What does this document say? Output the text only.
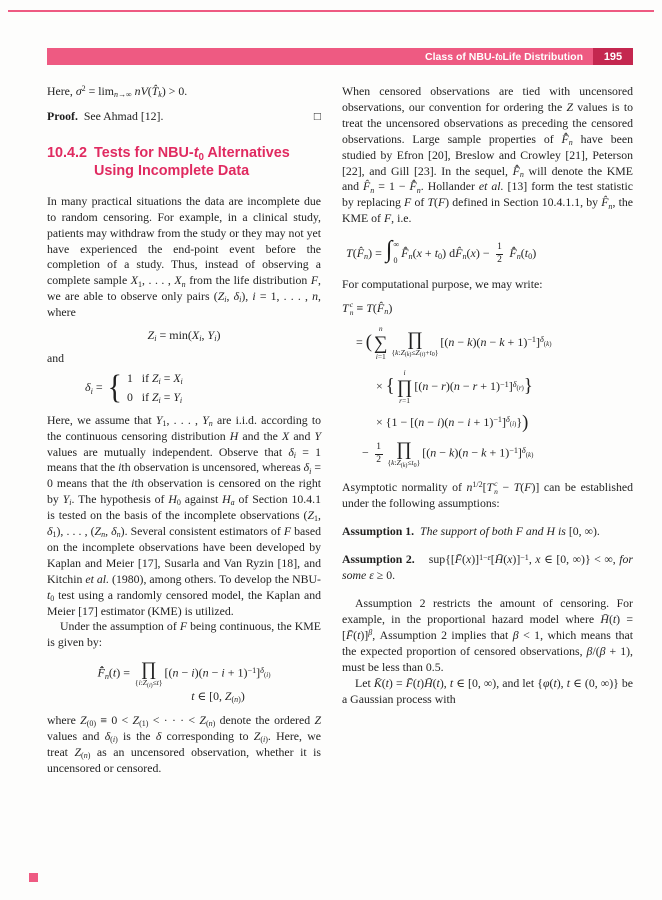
Class of NBU- $t_0$ Life Distribution	195

Here, $\sigma^2 = \lim_{n\to\infty}$ $nV(T̂_k) > 0$.

Proof. See Ahmad [12].	□

10.4.2 Tests for NBU-$t_0$ Alternatives Using Incomplete Data

In many practical situations the data are incomplete due to random censoring. For example, in a clinical study, patients may withdraw from the study or they may not yet have experienced the end-point event before the completion of a study. Thus, instead of observing a complete sample $X_1$, . . . , $X_n$ from the life distribution F, we are able to observe only pairs ($Z_i$, $\delta_i$), i = 1, . . . , n, where

$Z_i = \min(X_i$, $Y_i$)

and

$\delta_i$ = { 1   if $Z_i = X_i$
0   if $Z_i = Y_i$

Here, we assume that $Y_1$, . . . , $Y_n$ are i.i.d. according to the continuous censoring distribution H and the X and Y values are mutually independent. Observe that $\delta_i = 1$ means that the ith observation is uncensored, whereas $\delta_i = 0$ means that the ith observation is censored on the right by $Y_i$. The hypothesis of $H_0$ against $H_a$ of Section 10.4.1 is tested on the basis of the incomplete observations ($Z_1$, $\delta_1$), . . . , ($Z_n$, $\delta_n$). Several consistent estimators of F based on the incomplete observations have been developed by Kaplan and Meier [17], Susarla and Van Ryzin [18], and Kitchin et al. (1980), among others. To develop the NBU-$t_0$ test using a randomly censored model, the Kaplan and Meier [17] estimator (KME) is utilized.

Under the assumption of F being continuous, the KME is given by:

$F̄̂_n(t)$ = ∏
$\{i:Z_{(i)}\le t\}$
$[(n - i)(n - i + 1)^{-1}]^{\delta_{(i)}}$
t ∈ [0, $Z_{(n)}$)

where $Z_{(0)} \equiv 0 < Z_{(1)}$ < · · · < $Z_{(n)}$ denote the ordered Z values and $\delta_{(i)}$ is the δ corresponding to $Z_{(i)}$. Here, we treat $Z_{(n)}$ as an uncensored observation, whether it is uncensored or censored.

When censored observations are tied with uncensored observations, our convention for ordering the Z values is to treat the uncensored observations as preceding the censored observations. Large sample properties of $F̄̂_n$ have been studied by Efron [20], Breslow and Crowley [21], Peterson [22], and Gill [23]. In the sequel, $F̄̂_n$ will denote the KME and $F̂_n = 1$ − $F̄̂_n$. Hollander et al. [13] form the test statistic by replacing F of T(F) defined in Section 10.4.1.1, by $F̂_n$, the KME of F, i.e.

$T(F̂_n)$ = ∫ ∞
0
$F̄̂_n(x + t_0)$ $dF̂_n(x) - \frac{1}{2}$ $F̄̂_n(t_0)$

For computational purpose, we may write:

T c
$n \equiv T(F̂_n)$
= (
n
∑
i=1
∏
$\{k:Z_{(k)}\le Z_{(i)}+t_0\}$
$[(n - k)(n - k + 1)^{-1}]^{\delta_{(k)}}$
× {
i
∏
r=1
$[(n - r)(n - r + 1)^{-1}]^{\delta_{(r)}}$}
× $\{1 - [(n - i)(n - i + 1)^{-1}]^{\delta_{(i)}}\}$)
− $\frac{1}{2}$ ∏
$\{k:Z_{(k)}\le t_0\}$
$[(n - k)(n - k + 1)^{-1}]^{\delta_{(k)}}$

Asymptotic normality of $n^{1/2}[T$ c
n − T(F)] can be established under the following assumptions:

Assumption 1. The support of both F and H is [0, ∞).

Assumption 2.    sup{[F̄(x)]$^{1-\varepsilon}$[H̄(x)]$^{-1}$, x ∈ [0, ∞)} < ∞, for some ε ≥ 0.

Assumption 2 restricts the amount of censoring. For example, in the proportional hazard model where H̄(t) = [F̄(t)]$^\beta$, Assumption 2 implies that β < 1, which means that the expected proportion of censored observations, β/(β + 1), must be less than 0.5.

Let K̄(t) = F̄(t)H̄(t), t ∈ [0, ∞), and let {φ(t), t ∈ (0, ∞)} be a Gaussian process with
